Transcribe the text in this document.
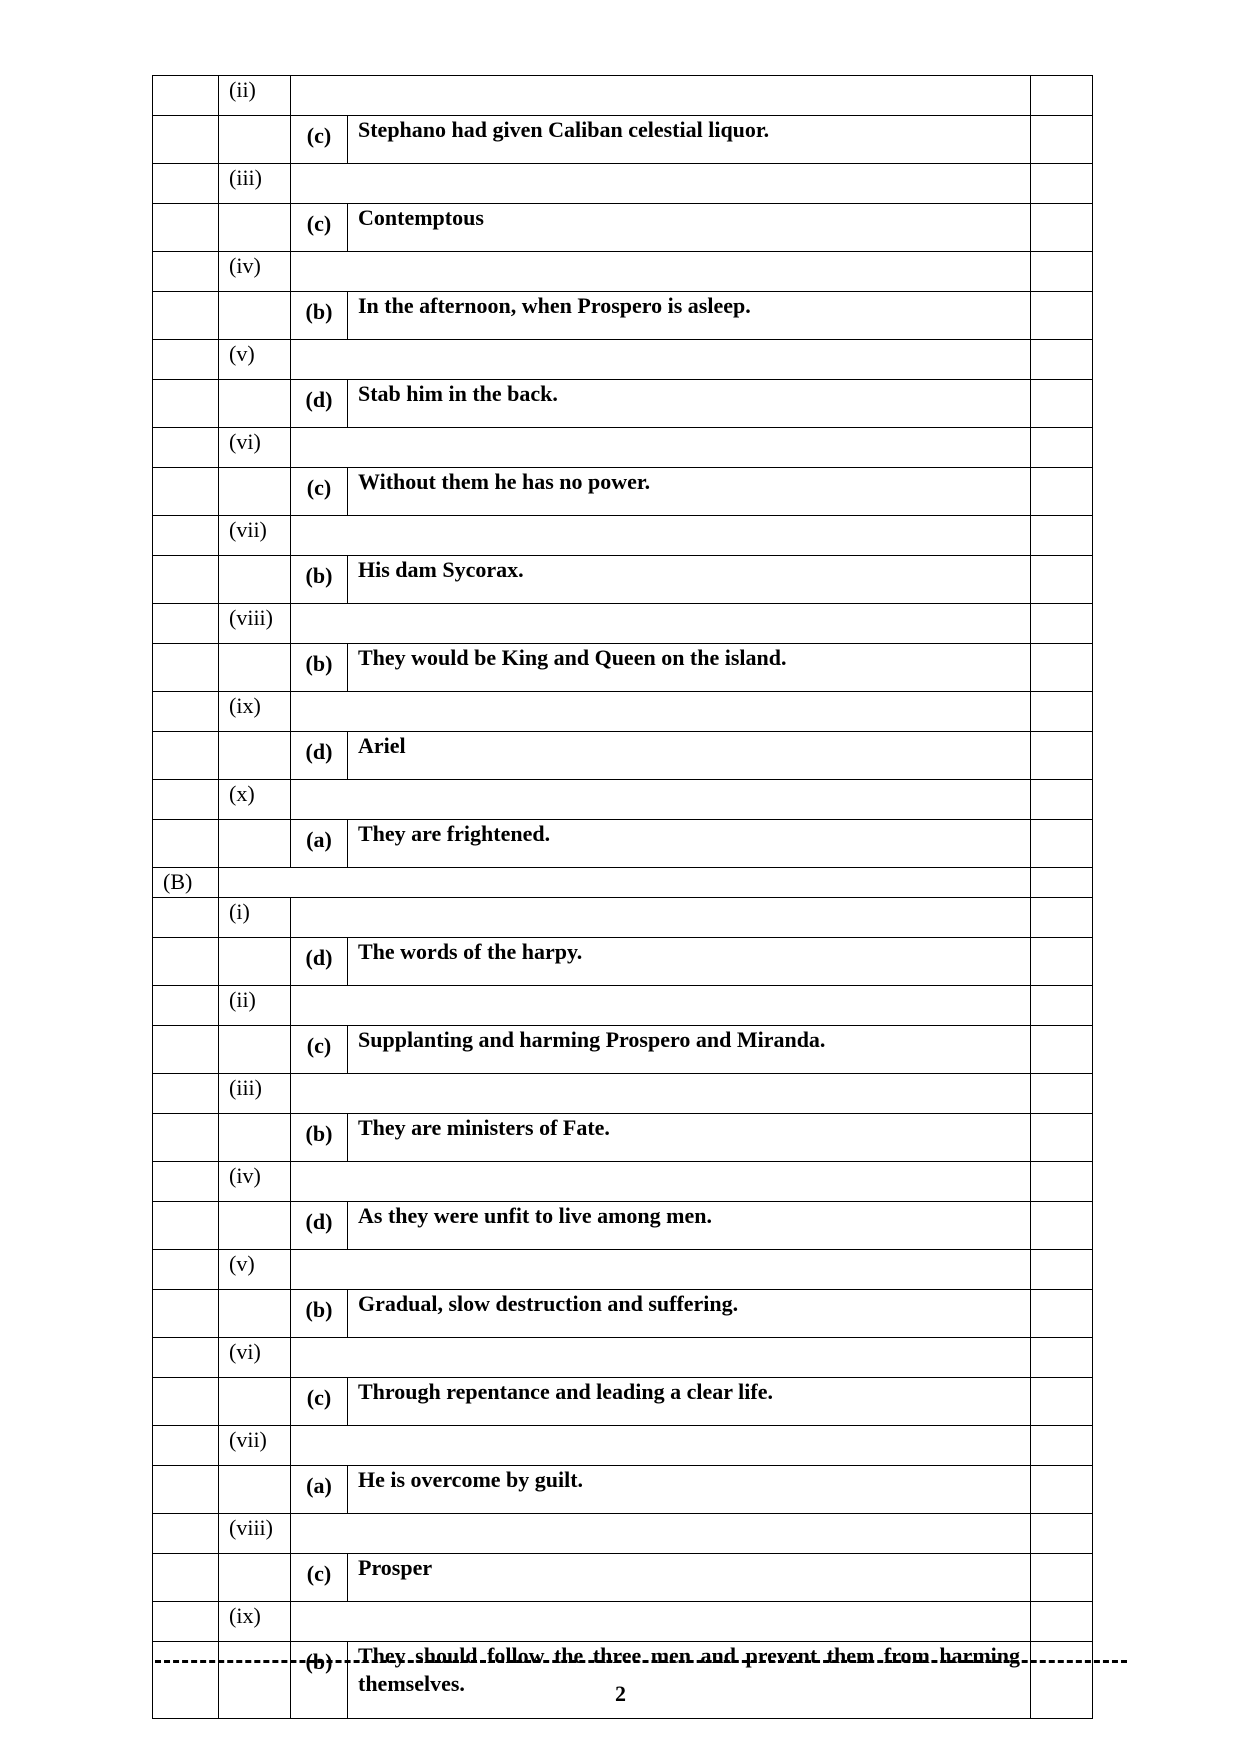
	(ii)			
		(c)	Stephano had given Caliban celestial liquor.	
	(iii)			
		(c)	Contemptous	
	(iv)			
		(b)	In the afternoon, when Prospero is asleep.	
	(v)			
		(d)	Stab him in the back.	
	(vi)			
		(c)	Without them he has no power.	
	(vii)			
		(b)	His dam Sycorax.	
	(viii)			
		(b)	They would be King and Queen on the island.	
	(ix)			
		(d)	Ariel	
	(x)			
		(a)	They are frightened.	
(B)				
	(i)			
		(d)	The words of the harpy.	
	(ii)			
		(c)	Supplanting and harming Prospero and Miranda.	
	(iii)			
		(b)	They are ministers of Fate.	
	(iv)			
		(d)	As they were unfit to live among men.	
	(v)			
		(b)	Gradual, slow destruction and suffering.	
	(vi)			
		(c)	Through repentance and leading a clear life.	
	(vii)			
		(a)	He is overcome by guilt.	
	(viii)			
		(c)	Prosper	
	(ix)			
		(b)	They should follow the three men and prevent them from harming themselves.		2
